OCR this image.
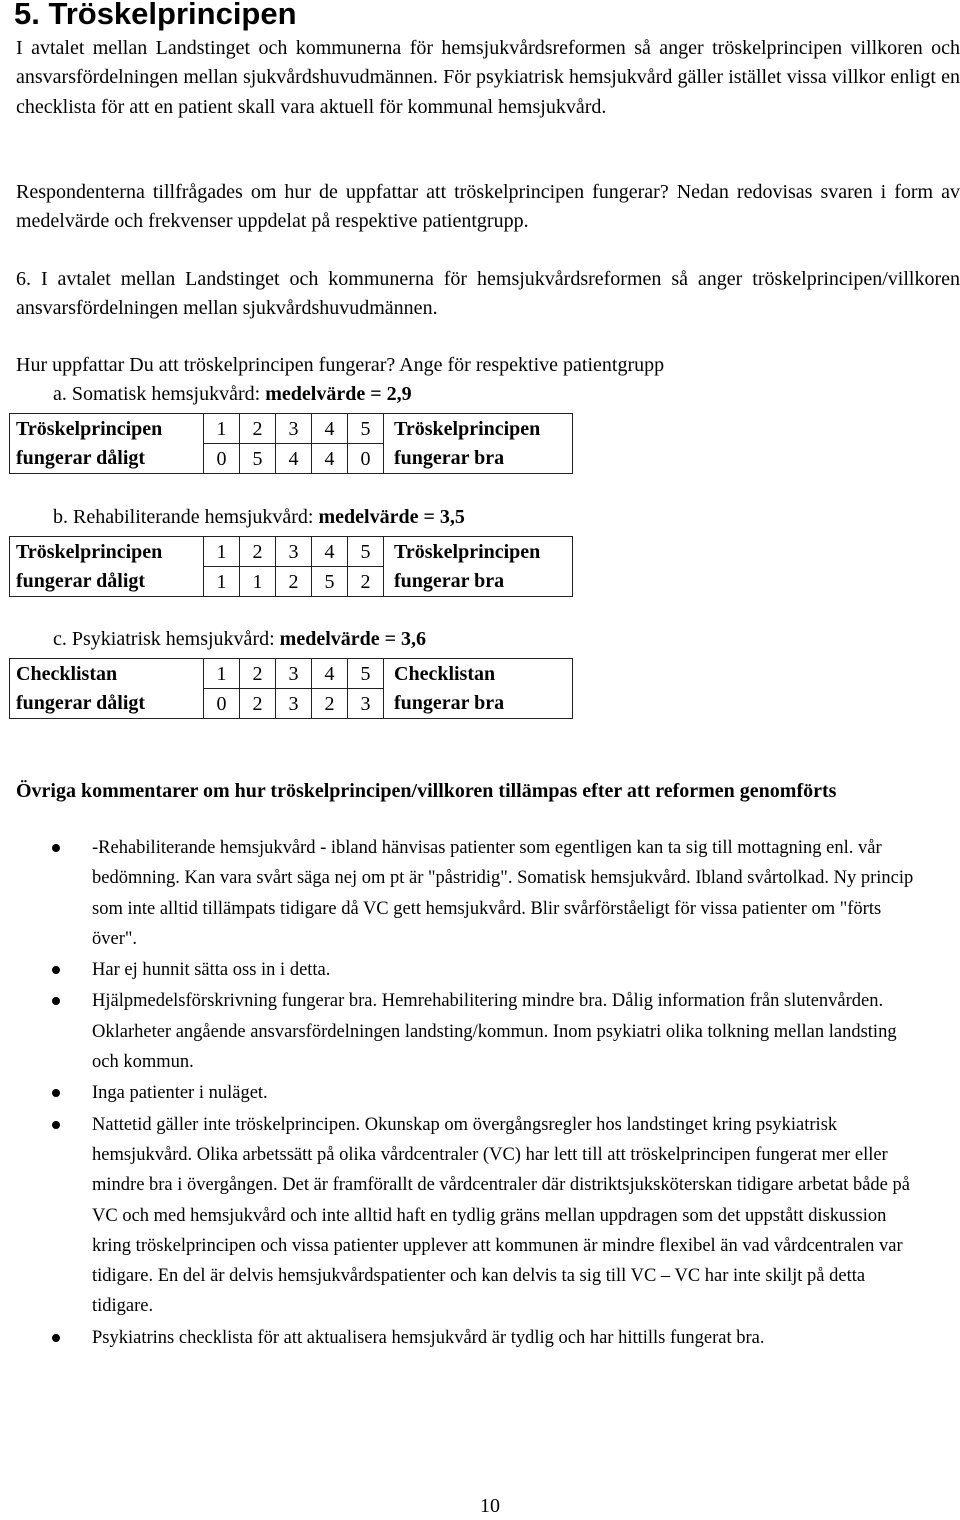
5. Tröskelprincipen

I avtalet mellan Landstinget och kommunerna för hemsjukvårdsreformen så anger tröskelprincipen villkoren och ansvarsfördelningen mellan sjukvårdshuvudmännen. För psykiatrisk hemsjukvård gäller istället vissa villkor enligt en checklista för att en patient skall vara aktuell för kommunal hemsjukvård.

Respondenterna tillfrågades om hur de uppfattar att tröskelprincipen fungerar? Nedan redovisas svaren i form av medelvärde och frekvenser uppdelat på respektive patientgrupp.

6. I avtalet mellan Landstinget och kommunerna för hemsjukvårdsreformen så anger tröskelprincipen/villkoren ansvarsfördelningen mellan sjukvårdshuvudmännen.

Hur uppfattar Du att tröskelprincipen fungerar? Ange för respektive patientgrupp
a. Somatisk hemsjukvård: medelvärde = 2,9
Tröskelprincipen	1	2	3	4	5	Tröskelprincipen
fungerar dåligt	0	5	4	4	0	fungerar bra
b. Rehabiliterande hemsjukvård: medelvärde = 3,5
Tröskelprincipen	1	2	3	4	5	Tröskelprincipen
fungerar dåligt	1	1	2	5	2	fungerar bra
c. Psykiatrisk hemsjukvård: medelvärde = 3,6
Checklistan	1	2	3	4	5	Checklistan
fungerar dåligt	0	2	3	2	3	fungerar bra
Övriga kommentarer om hur tröskelprincipen/villkoren tillämpas efter att reformen genomförts
-Rehabiliterande hemsjukvård - ibland hänvisas patienter som egentligen kan ta sig till mottagning enl. vår bedömning. Kan vara svårt säga nej om pt är "påstridig". Somatisk hemsjukvård. Ibland svårtolkad. Ny princip som inte alltid tillämpats tidigare då VC gett hemsjukvård. Blir svårförståeligt för vissa patienter om "förts över".
Har ej hunnit sätta oss in i detta.
Hjälpmedelsförskrivning fungerar bra. Hemrehabilitering mindre bra. Dålig information från slutenvården. Oklarheter angående ansvarsfördelningen landsting/kommun. Inom psykiatri olika tolkning mellan landsting och kommun.
Inga patienter i nuläget.
Nattetid gäller inte tröskelprincipen. Okunskap om övergångsregler hos landstinget kring psykiatrisk hemsjukvård. Olika arbetssätt på olika vårdcentraler (VC) har lett till att tröskelprincipen fungerat mer eller mindre bra i övergången. Det är framförallt de vårdcentraler där distriktsjuksköterskan tidigare arbetat både på VC och med hemsjukvård och inte alltid haft en tydlig gräns mellan uppdragen som det uppstått diskussion kring tröskelprincipen och vissa patienter upplever att kommunen är mindre flexibel än vad vårdcentralen var tidigare. En del är delvis hemsjukvårdspatienter och kan delvis ta sig till VC – VC har inte skiljt på detta tidigare.
Psykiatrins checklista för att aktualisera hemsjukvård är tydlig och har hittills fungerat bra.
10
